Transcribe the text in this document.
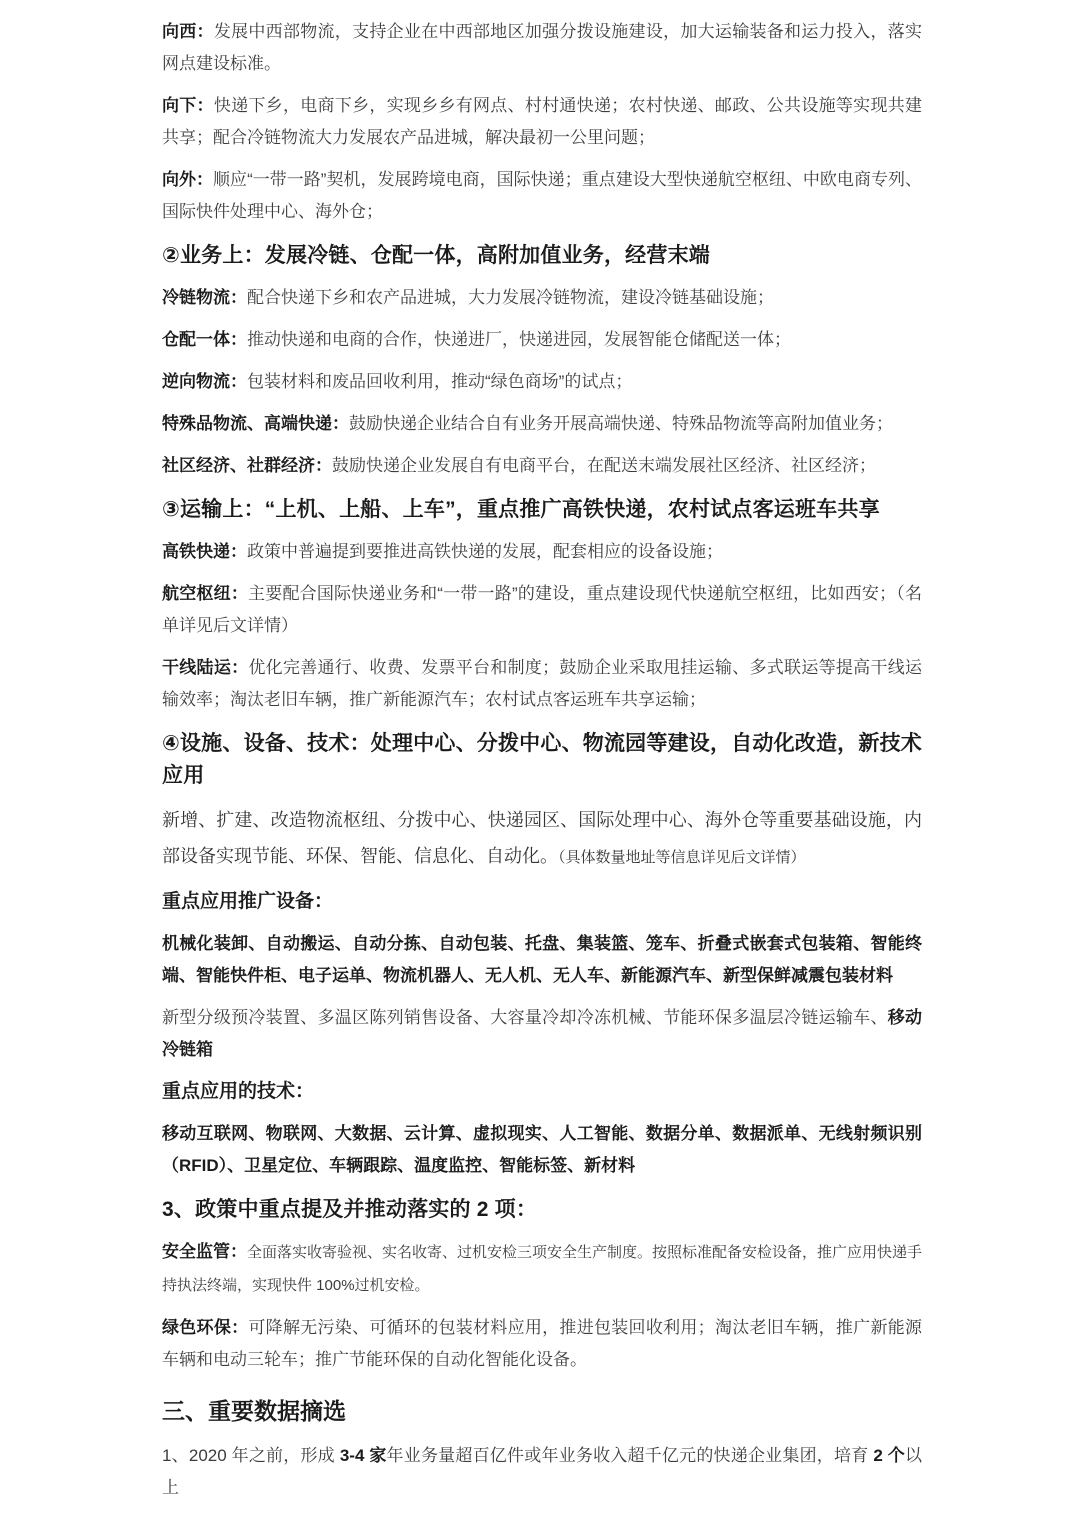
向西：发展中西部物流，支持企业在中西部地区加强分拨设施建设，加大运输装备和运力投入，落实网点建设标准。
向下：快递下乡，电商下乡，实现乡乡有网点、村村通快递；农村快递、邮政、公共设施等实现共建共享；配合冷链物流大力发展农产品进城，解决最初一公里问题；
向外：顺应“一带一路”契机，发展跨境电商，国际快递；重点建设大型快递航空枢纽、中欧电商专列、国际快件处理中心、海外仓；
②业务上：发展冷链、仓配一体，高附加值业务，经营末端
冷链物流：配合快递下乡和农产品进城，大力发展冷链物流，建设冷链基础设施；
仓配一体：推动快递和电商的合作，快递进厂，快递进园，发展智能仓储配送一体；
逆向物流：包装材料和废品回收利用，推动“绿色商场”的试点；
特殊品物流、高端快递：鼓励快递企业结合自有业务开展高端快递、特殊品物流等高附加值业务；
社区经济、社群经济：鼓励快递企业发展自有电商平台，在配送末端发展社区经济、社区经济；
③运输上：“上机、上船、上车”，重点推广高铁快递，农村试点客运班车共享
高铁快递：政策中普遍提到要推进高铁快递的发展，配套相应的设备设施；
航空枢纽：主要配合国际快递业务和“一带一路”的建设，重点建设现代快递航空枢纽，比如西安；（名单详见后文详情）
干线陆运：优化完善通行、收费、发票平台和制度；鼓励企业采取甩挂运输、多式联运等提高干线运输效率；淘汰老旧车辆，推广新能源汽车；农村试点客运班车共享运输；
④设施、设备、技术：处理中心、分拨中心、物流园等建设，自动化改造，新技术应用
新增、扩建、改造物流枢纽、分拨中心、快递园区、国际处理中心、海外仓等重要基础设施，内部设备实现节能、环保、智能、信息化、自动化。（具体数量地址等信息详见后文详情）
重点应用推广设备：
机械化装卸、自动搬运、自动分拣、自动包装、托盘、集装篮、笼车、折叠式嵌套式包装箱、智能终端、智能快件柜、电子运单、物流机器人、无人机、无人车、新能源汽车、新型保鲜减震包装材料
新型分级预冷装置、多温区陈列销售设备、大容量冷却冷冻机械、节能环保多温层冷链运输车、移动冷链箱
重点应用的技术：
移动互联网、物联网、大数据、云计算、虚拟现实、人工智能、数据分单、数据派单、无线射频识别（RFID）、卫星定位、车辆跟踪、温度监控、智能标签、新材料
3、政策中重点提及并推动落实的 2 项：
安全监管：全面落实收寄验视、实名收寄、过机安检三项安全生产制度。按照标准配备安检设备，推广应用快递手持执法终端，实现快件 100%过机安检。
绿色环保：可降解无污染、可循环的包装材料应用，推进包装回收利用；淘汰老旧车辆，推广新能源车辆和电动三轮车；推广节能环保的自动化智能化设备。
三、重要数据摘选
1、2020 年之前，形成 3-4 家年业务量超百亿件或年业务收入超千亿元的快递企业集团，培育 2 个以上
